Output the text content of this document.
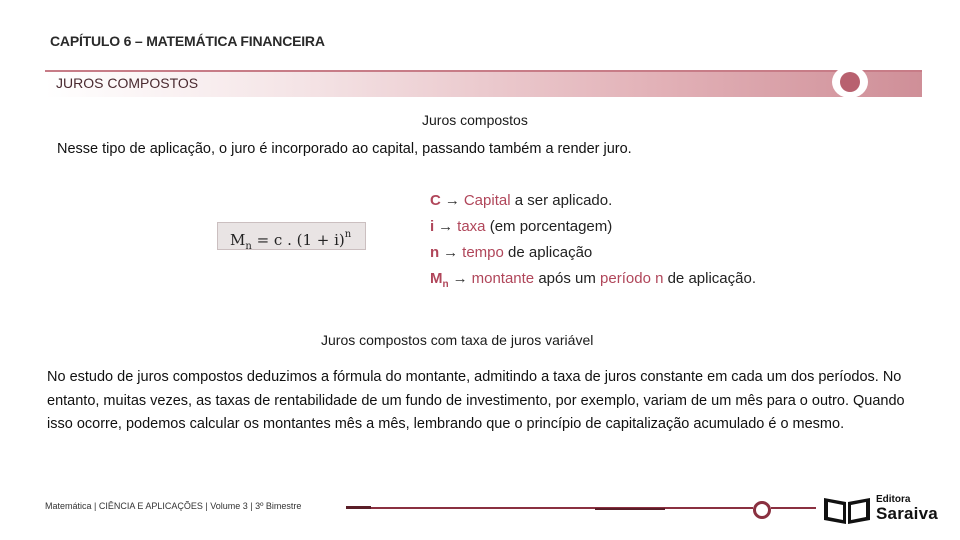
CAPÍTULO 6 – MATEMÁTICA FINANCEIRA
JUROS COMPOSTOS
Juros compostos
Nesse tipo de aplicação, o juro é incorporado ao capital, passando também a render juro.
$M_n = c$ . $(1 + i)^n$
C → Capital a ser aplicado.
i → taxa (em porcentagem)
n → tempo de aplicação
$M_n$ → montante após um período n de aplicação.
Juros compostos com taxa de juros variável
No estudo de juros compostos deduzimos a fórmula do montante, admitindo a taxa de juros constante em cada um dos períodos. No entanto, muitas vezes, as taxas de rentabilidade de um fundo de investimento, por exemplo, variam de um mês para o outro. Quando isso ocorre, podemos calcular os montantes mês a mês, lembrando que o princípio de capitalização acumulado é o mesmo.
Matemática | CIÊNCIA E APLICAÇÕES | Volume 3 | 3º Bimestre
Editora
Saraiva
